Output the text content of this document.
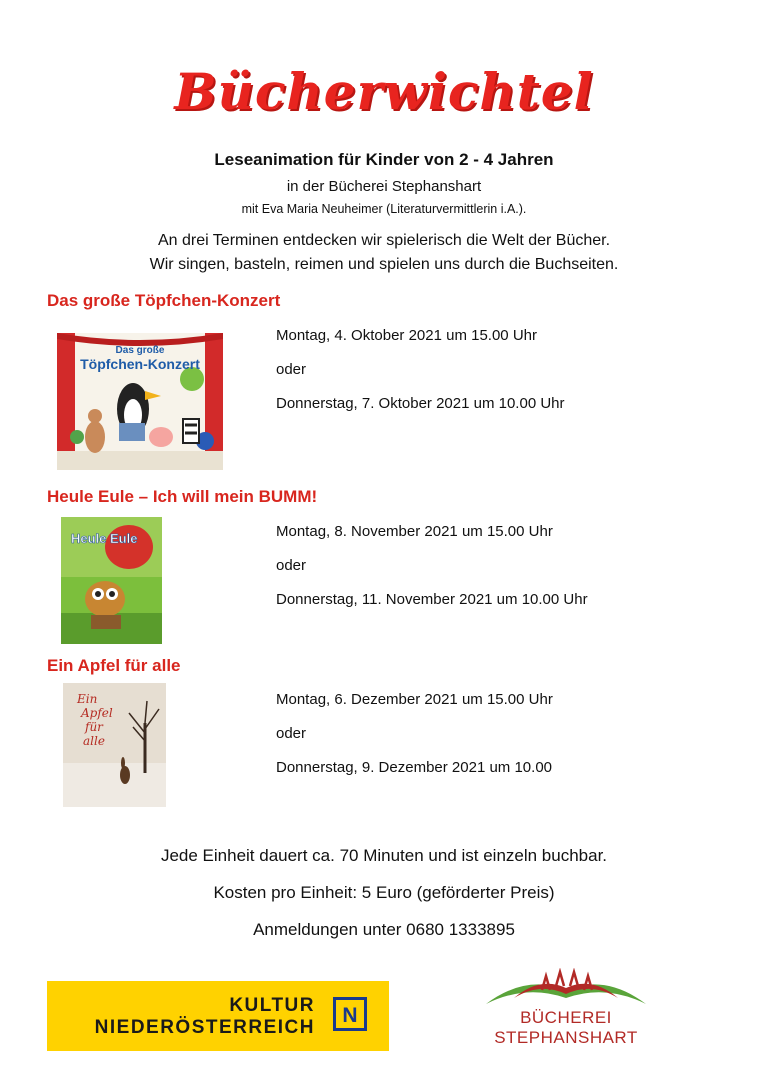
Bücherwichtel
Leseanimation für Kinder von 2 - 4 Jahren
in der Bücherei Stephanshart
mit Eva Maria Neuheimer (Literaturvermittlerin i.A.).
An drei Terminen entdecken wir spielerisch die Welt der Bücher.
Wir singen, basteln, reimen und spielen uns durch die Buchseiten.
Das große Töpfchen-Konzert
Das große
Töpfchen-Konzert
Montag, 4. Oktober 2021 um 15.00 Uhr
oder
Donnerstag, 7. Oktober 2021 um 10.00 Uhr
Heule Eule – Ich will mein BUMM!
Heule Eule	Montag, 8. November 2021 um 15.00 Uhr
oder
Donnerstag, 11. November 2021 um 10.00 Uhr
Ein Apfel für alle
Ein
Apfel
für
alle
Montag, 6. Dezember 2021 um 15.00 Uhr
oder
Donnerstag, 9. Dezember 2021 um 10.00
Jede Einheit dauert ca. 70 Minuten und ist einzeln buchbar.
Kosten pro Einheit: 5 Euro (geförderter Preis)
Anmeldungen unter 0680 1333895
KULTUR
NIEDERÖSTERREICH
N	BÜCHEREI
STEPHANSHART
